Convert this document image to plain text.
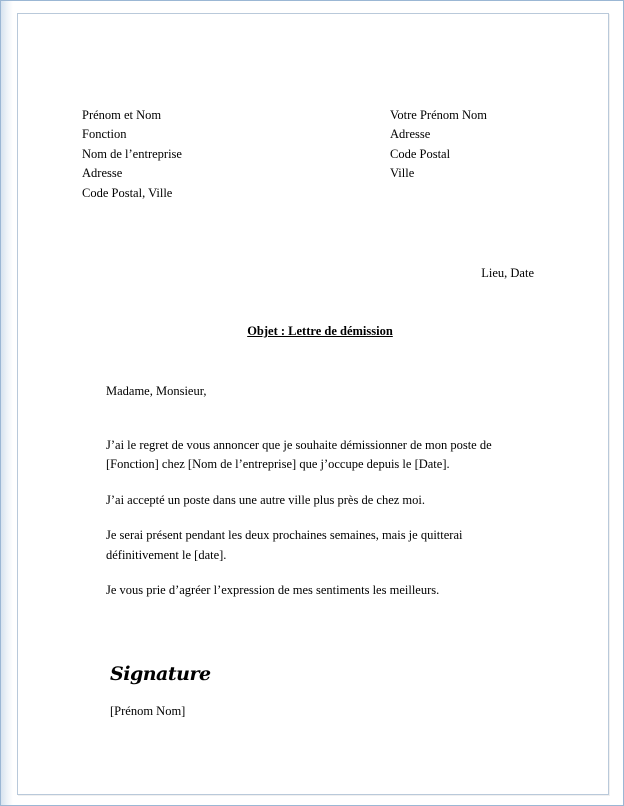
Prénom et Nom
Fonction
Nom de l’entreprise
Adresse
Code Postal, Ville
Votre Prénom Nom
Adresse
Code Postal
Ville
Lieu, Date
Objet : Lettre de démission
Madame, Monsieur,

J’ai le regret de vous annoncer que je souhaite démissionner de mon poste de [Fonction] chez [Nom de l’entreprise] que j’occupe depuis le [Date].

J’ai accepté un poste dans une autre ville plus près de chez moi.

Je serai présent pendant les deux prochaines semaines, mais je quitterai définitivement le [date].

Je vous prie d’agréer l’expression de mes sentiments les meilleurs.

Signature
[Prénom Nom]
